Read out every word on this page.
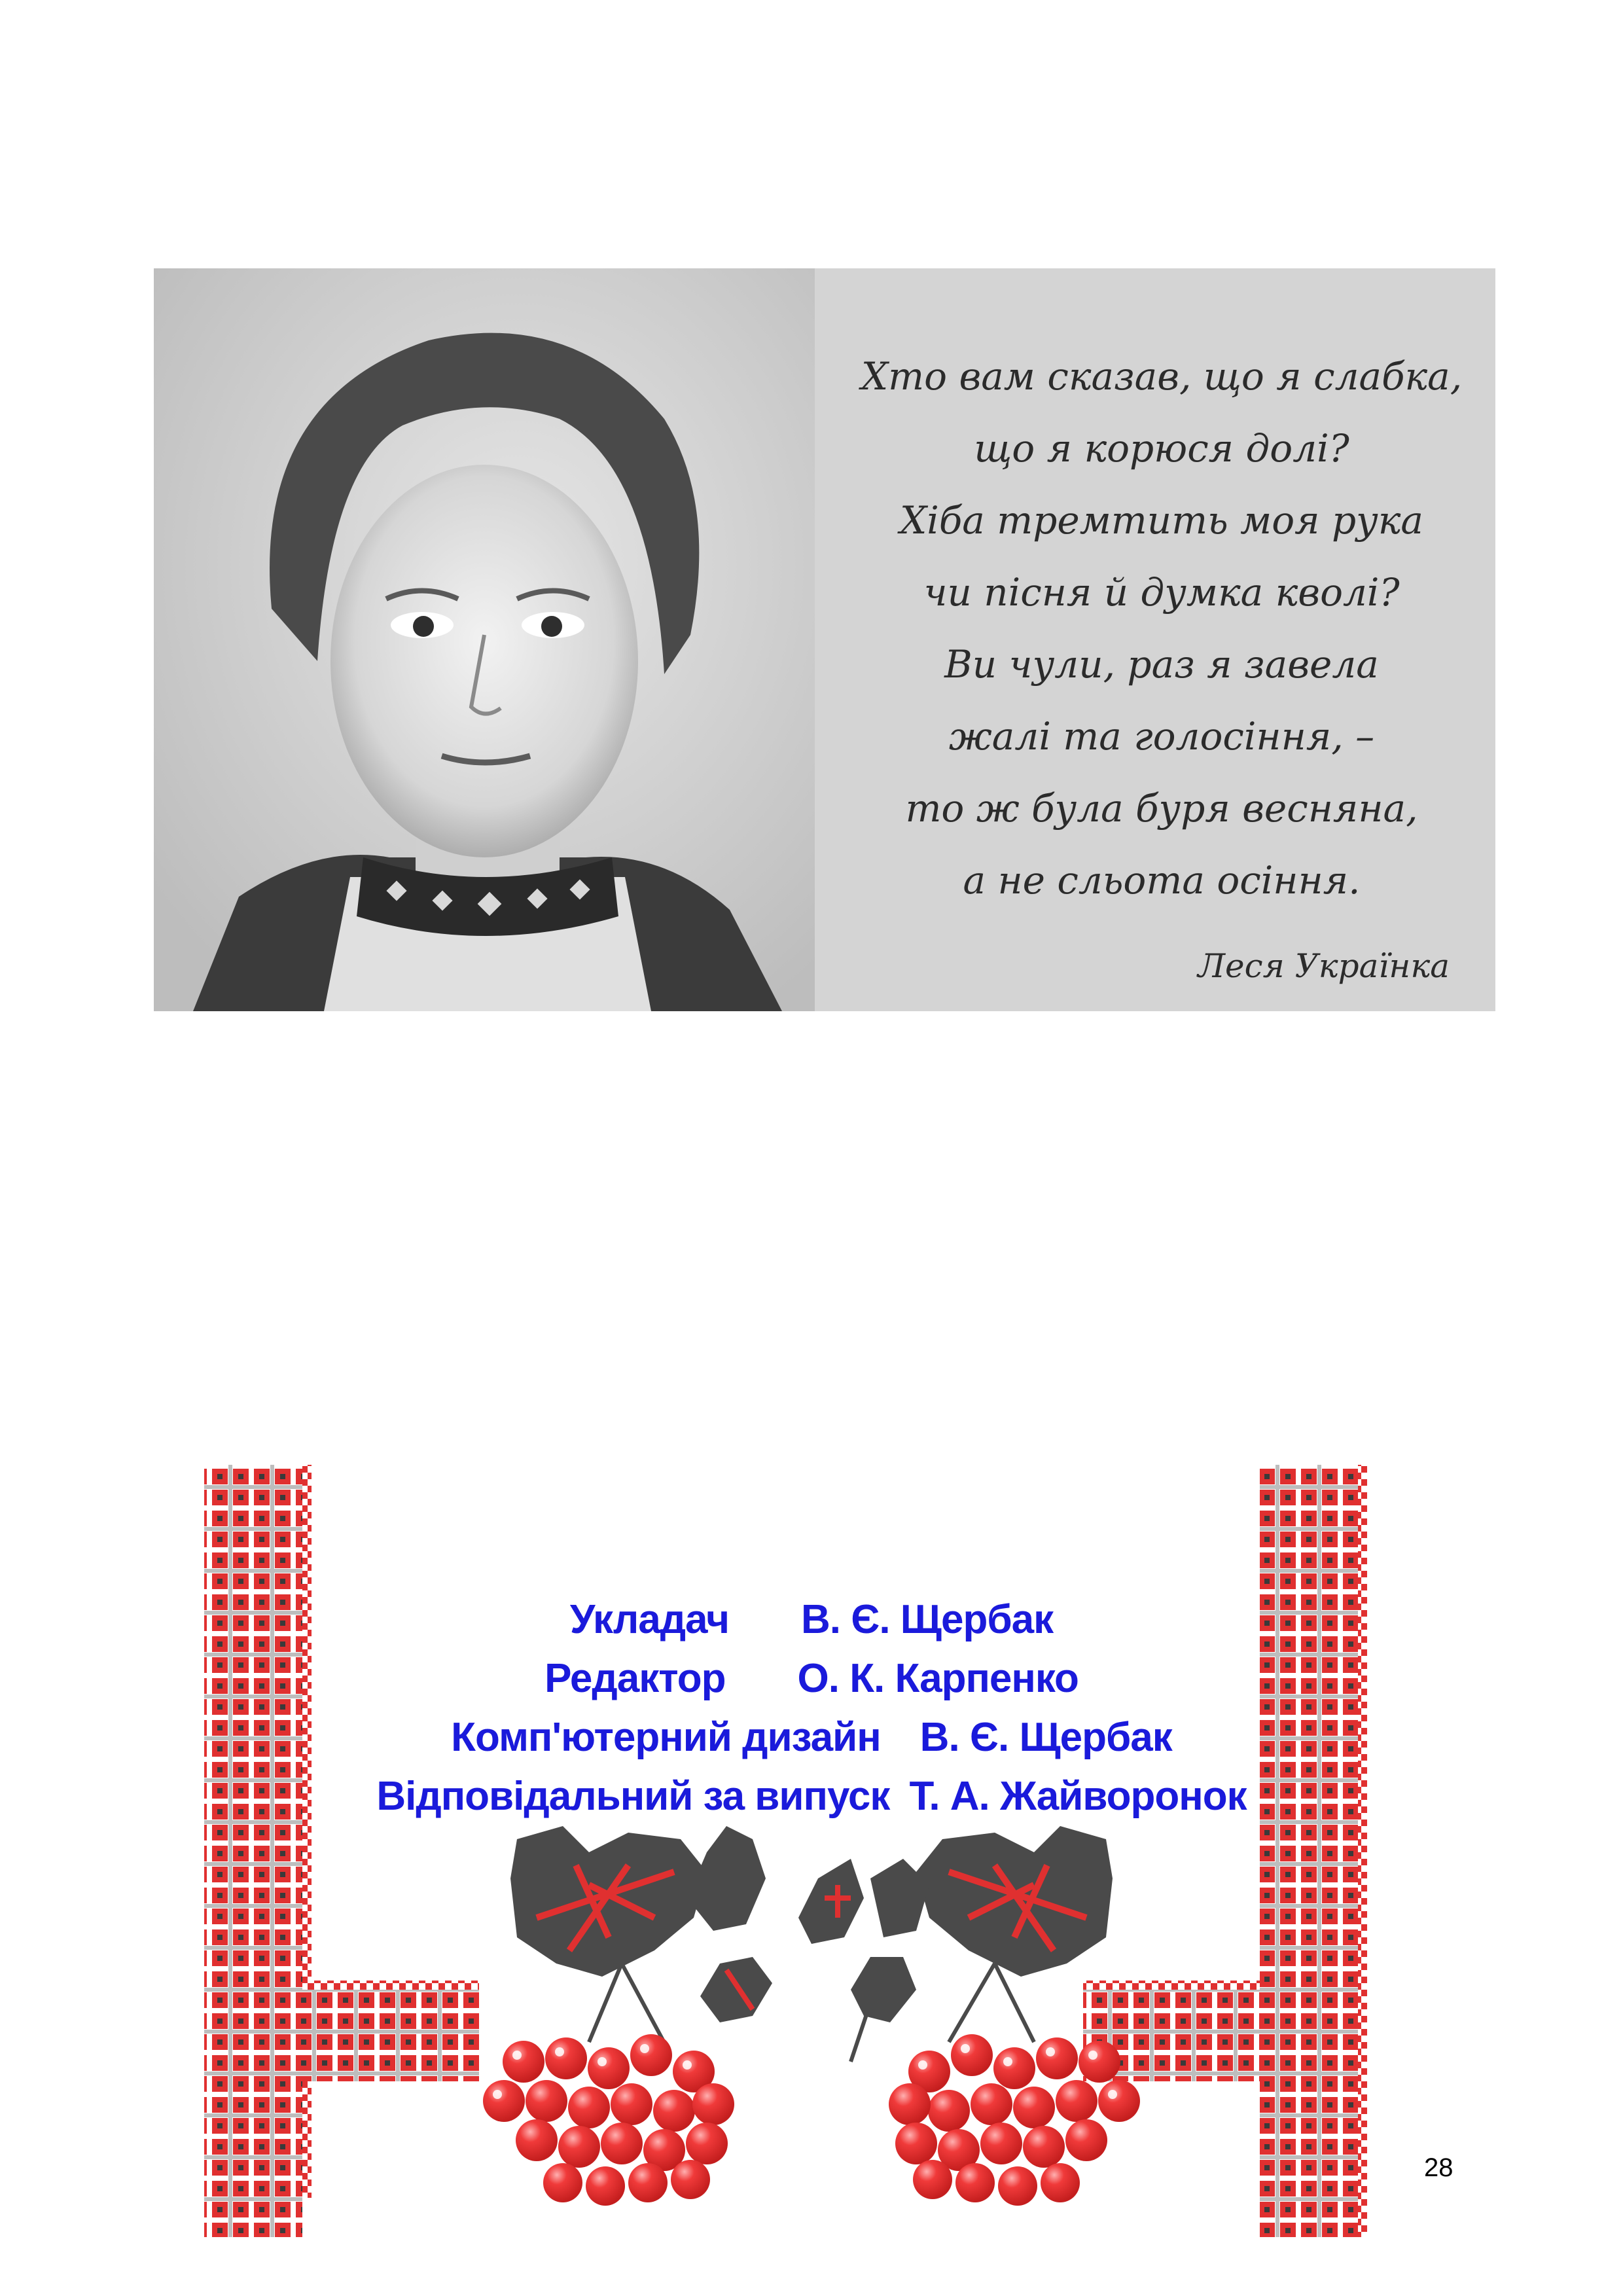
Хто вам сказав, що я слабка,
що я корюся долі?
Хіба тремтить моя рука
чи пісня й думка кволі?
Ви чули, раз я завела
жалі та голосіння, –
то ж була буря весняна,
а не сльота осіння.
Леся Українка
Укладач В. Є. Щербак
Редактор О. К. Карпенко
Комп'ютерний дизайн В. Є. Щербак
Відповідальний за випуск Т. А. Жайворонок
28
